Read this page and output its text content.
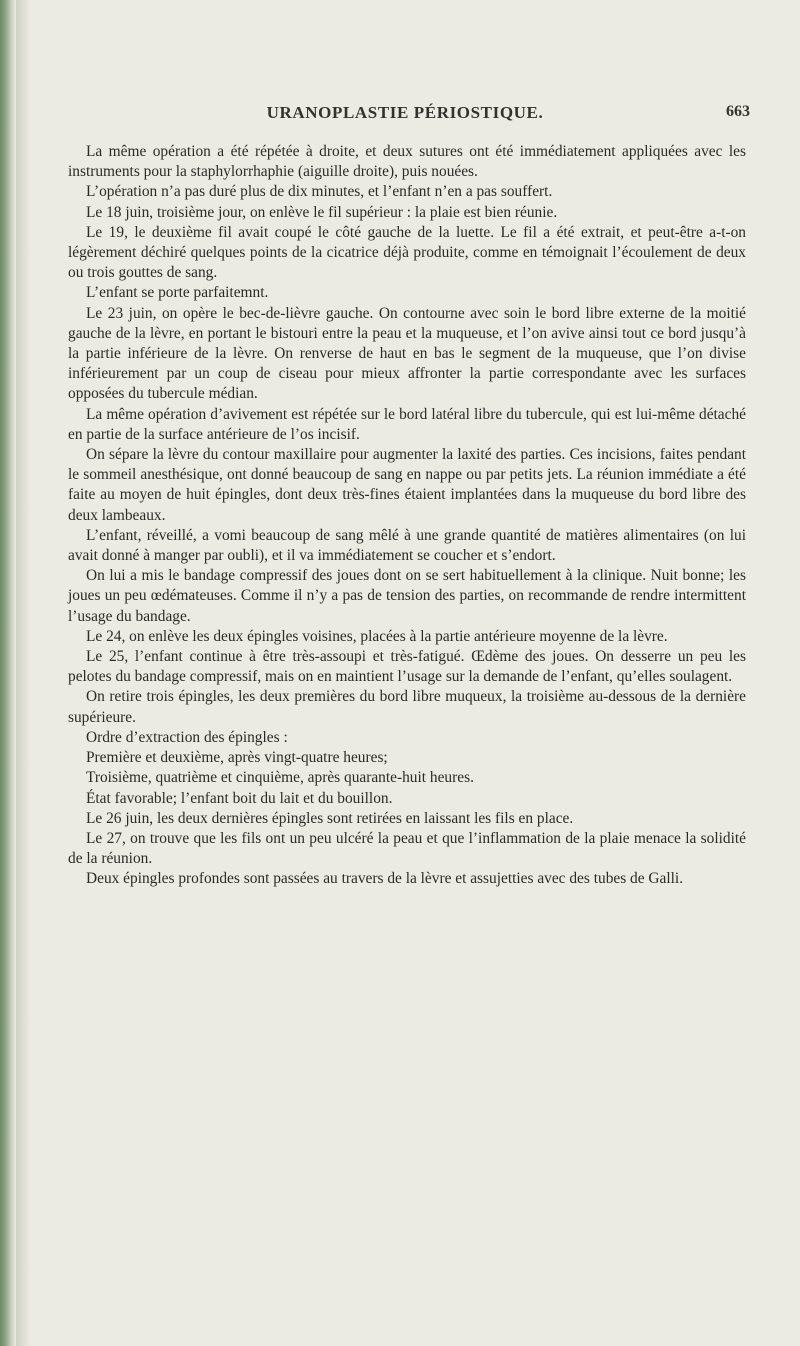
URANOPLASTIE PÉRIOSTIQUE.	663

La même opération a été répétée à droite, et deux sutures ont été immédiatement appliquées avec les instruments pour la staphylorrhaphie (aiguille droite), puis nouées.

L’opération n’a pas duré plus de dix minutes, et l’enfant n’en a pas souffert.

Le 18 juin, troisième jour, on enlève le fil supérieur : la plaie est bien réunie.

Le 19, le deuxième fil avait coupé le côté gauche de la luette. Le fil a été extrait, et peut-être a-t-on légèrement déchiré quelques points de la cicatrice déjà produite, comme en témoignait l’écoulement de deux ou trois gouttes de sang.

L’enfant se porte parfaitemnt.

Le 23 juin, on opère le bec-de-lièvre gauche. On contourne avec soin le bord libre externe de la moitié gauche de la lèvre, en portant le bistouri entre la peau et la muqueuse, et l’on avive ainsi tout ce bord jusqu’à la partie inférieure de la lèvre. On renverse de haut en bas le segment de la muqueuse, que l’on divise inférieurement par un coup de ciseau pour mieux affronter la partie correspondante avec les surfaces opposées du tubercule médian.

La même opération d’avivement est répétée sur le bord latéral libre du tubercule, qui est lui-même détaché en partie de la surface antérieure de l’os incisif.

On sépare la lèvre du contour maxillaire pour augmenter la laxité des parties. Ces incisions, faites pendant le sommeil anesthésique, ont donné beaucoup de sang en nappe ou par petits jets. La réunion immédiate a été faite au moyen de huit épingles, dont deux très-fines étaient implantées dans la muqueuse du bord libre des deux lambeaux.

L’enfant, réveillé, a vomi beaucoup de sang mêlé à une grande quantité de matières alimentaires (on lui avait donné à manger par oubli), et il va immédiatement se coucher et s’endort.

On lui a mis le bandage compressif des joues dont on se sert habituellement à la clinique. Nuit bonne; les joues un peu œdémateuses. Comme il n’y a pas de tension des parties, on recommande de rendre intermittent l’usage du bandage.

Le 24, on enlève les deux épingles voisines, placées à la partie antérieure moyenne de la lèvre.

Le 25, l’enfant continue à être très-assoupi et très-fatigué. Œdème des joues. On desserre un peu les pelotes du bandage compressif, mais on en maintient l’usage sur la demande de l’enfant, qu’elles soulagent.

On retire trois épingles, les deux premières du bord libre muqueux, la troisième au-dessous de la dernière supérieure.

Ordre d’extraction des épingles :

Première et deuxième, après vingt-quatre heures;

Troisième, quatrième et cinquième, après quarante-huit heures.

État favorable; l’enfant boit du lait et du bouillon.

Le 26 juin, les deux dernières épingles sont retirées en laissant les fils en place.

Le 27, on trouve que les fils ont un peu ulcéré la peau et que l’inflammation de la plaie menace la solidité de la réunion.

Deux épingles profondes sont passées au travers de la lèvre et assujetties avec des tubes de Galli.
